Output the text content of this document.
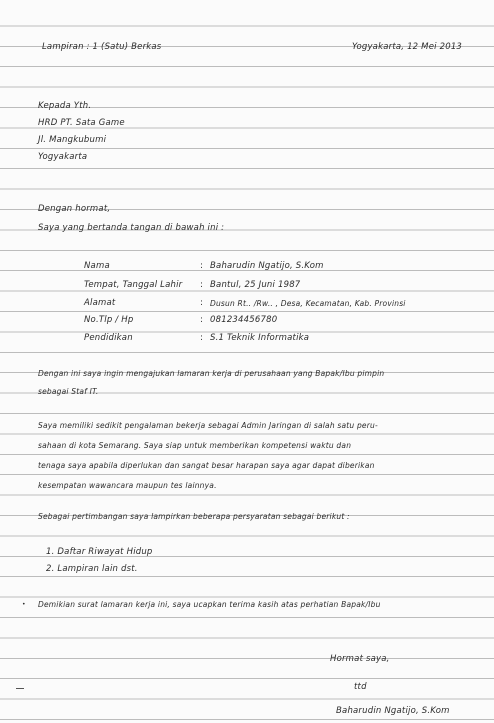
Lampiran : 1 (Satu) Berkas	Yogyakarta, 12 Mei 2013
Kepada Yth.
HRD PT. Sata Game
Jl. Mangkubumi
Yogyakarta
Dengan hormat,
Saya yang bertanda tangan di bawah ini :
Nama	: Baharudin Ngatijo, S.Kom
Tempat, Tanggal Lahir : Bantul, 25 Juni 1987
Alamat	: Dusun Rt.. /Rw.. , Desa, Kecamatan, Kab. Provinsi
No.Tlp / Hp	: 081234456780
Pendidikan	: S.1 Teknik Informatika
Dengan ini saya ingin mengajukan lamaran kerja di perusahaan yang Bapak/Ibu pimpin
sebagai Staf IT.
Saya memiliki sedikit pengalaman bekerja sebagai Admin Jaringan di salah satu peru-
sahaan di kota Semarang. Saya siap untuk memberikan kompetensi waktu dan
tenaga saya apabila diperlukan dan sangat besar harapan saya agar dapat diberikan
kesempatan wawancara maupun tes lainnya.
Sebagai pertimbangan saya lampirkan beberapa persyaratan sebagai berikut :
1. Daftar Riwayat Hidup
2. Lampiran lain dst.
• Demikian surat lamaran kerja ini, saya ucapkan terima kasih atas perhatian Bapak/Ibu
Hormat saya,
ttd
Baharudin Ngatijo, S.Kom
